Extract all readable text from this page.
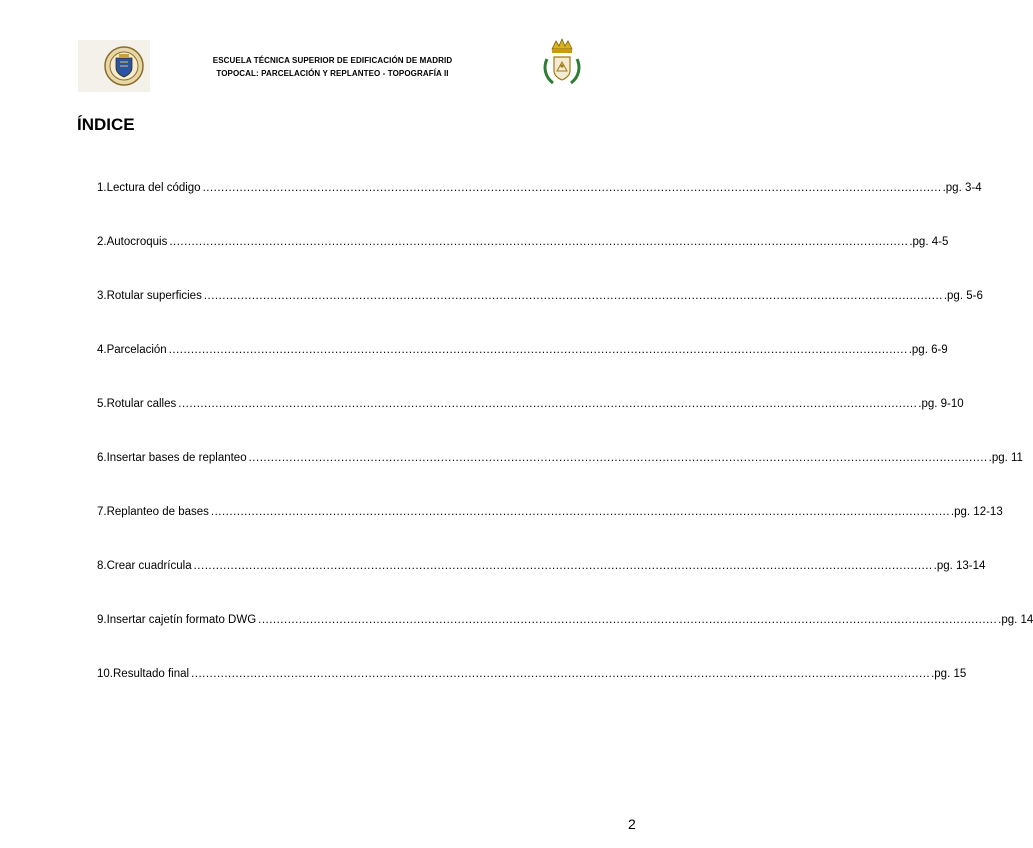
ESCUELA TÉCNICA SUPERIOR DE EDIFICACIÓN DE MADRID
TOPOCAL: PARCELACIÓN Y REPLANTEO - TOPOGRAFÍA II
ÍNDICE
1. Lectura del código ........................................................................................................................................................................................................ .pg. 3-4
2. Autocroquis ........................................................................................................................................................................................................ .pg. 4-5
3. Rotular superficies ........................................................................................................................................................................................................ .pg. 5-6
4. Parcelación ........................................................................................................................................................................................................ .pg. 6-9
5. Rotular calles ........................................................................................................................................................................................................ .pg. 9-10
6. Insertar bases de replanteo ........................................................................................................................................................................................................ .pg. 11
7. Replanteo de bases ........................................................................................................................................................................................................ .pg. 12-13
8. Crear cuadrícula ........................................................................................................................................................................................................ .pg. 13-14
9. Insertar cajetín formato DWG ........................................................................................................................................................................................................ .pg. 14
10. Resultado final ........................................................................................................................................................................................................ .pg. 15
2
